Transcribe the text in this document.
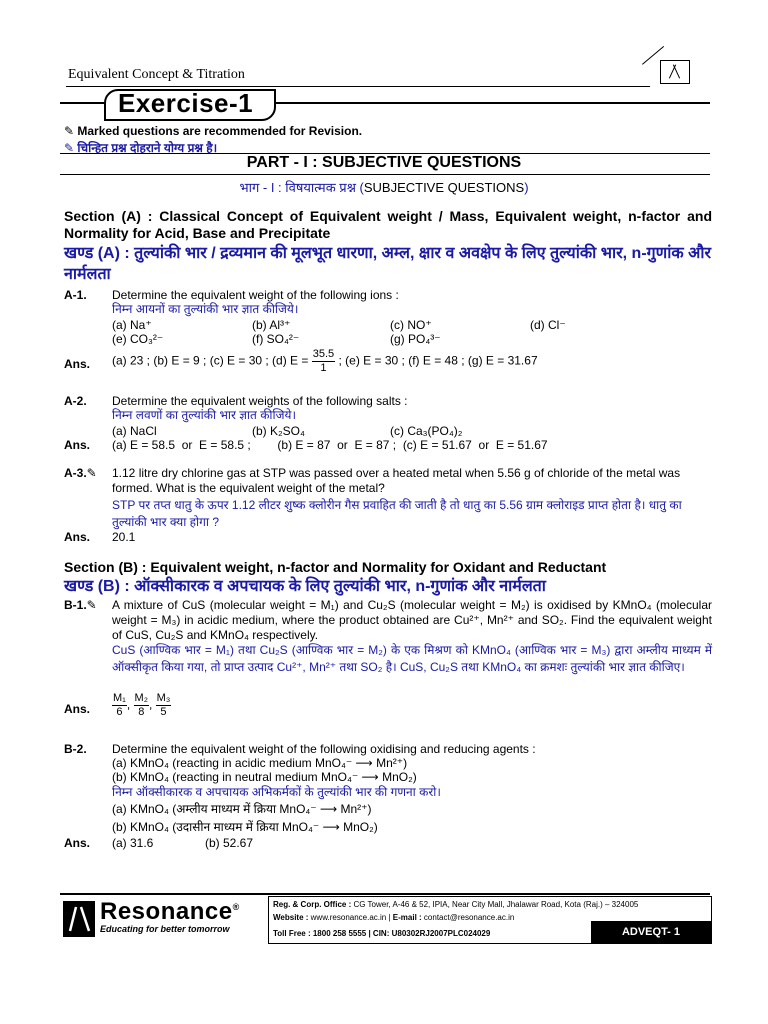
Equivalent Concept & Titration
Exercise-1
✎ Marked questions are recommended for Revision.
✎ चिन्हित प्रश्न दोहराने योग्य प्रश्न है।
PART - I : SUBJECTIVE QUESTIONS
भाग - I : विषयात्मक प्रश्न (SUBJECTIVE QUESTIONS)
Section (A) : Classical Concept of Equivalent weight / Mass, Equivalent weight, n-factor and Normality for Acid, Base and Precipitate
खण्ड (A) : तुल्यांकी भार / द्रव्यमान की मूलभूत धारणा, अम्ल, क्षार व अवक्षेप के लिए तुल्यांकी भार, n-गुणांक और नार्मलता
A-1. Determine the equivalent weight of the following ions :
निम्न आयनों का तुल्यांकी भार ज्ञात कीजिये।
(a) Na⁺	(b) Al³⁺	(c) NO⁺	(d) Cl⁻
(e) CO₃²⁻	(f) SO₄²⁻	(g) PO₄³⁻
Ans. (a) 23 ; (b) E = 9 ; (c) E = 30 ; (d) $E = \frac{35.5}{1}$ ; (e) E = 30 ; (f) E = 48 ; (g) E = 31.67
A-2. Determine the equivalent weights of the following salts :
निम्न लवणों का तुल्यांकी भार ज्ञात कीजिये।
(a) NaCl	(b) K₂SO₄	(c) Ca₃(PO₄)₂
Ans. (a) E = 58.5  or  E = 58.5 ;        (b) E = 87  or  E = 87 ;  (c) E = 51.67  or  E = 51.67
A-3.✎ 1.12 litre dry chlorine gas at STP was passed over a heated metal when 5.56 g of chloride of the metal was formed. What is the equivalent weight of the metal?
STP पर तप्त धातु के ऊपर 1.12 लीटर शुष्क क्लोरीन गैस प्रवाहित की जाती है तो धातु का 5.56 ग्राम क्लोराइड प्राप्त होता है। धातु का तुल्यांकी भार क्या होगा ?
Ans. 20.1
Section (B) : Equivalent weight, n-factor and Normality for Oxidant and Reductant
खण्ड (B) : ऑक्सीकारक व अपचायक के लिए तुल्यांकी भार, n-गुणांक और नार्मलता
B-1.✎ A mixture of CuS (molecular weight = M₁) and Cu₂S (molecular weight = M₂) is oxidised by KMnO₄ (molecular weight = M₃) in acidic medium, where the product obtained are Cu²⁺, Mn²⁺ and SO₂. Find the equivalent weight of CuS, Cu₂S and KMnO₄ respectively.
CuS (आण्विक भार = M₁) तथा Cu₂S (आण्विक भार = M₂) के एक मिश्रण को KMnO₄ (आण्विक भार = M₃) द्वारा अम्लीय माध्यम में ऑक्सीकृत किया गया, तो प्राप्त उत्पाद Cu²⁺, Mn²⁺ तथा SO₂ है। CuS, Cu₂S तथा KMnO₄ का क्रमशः तुल्यांकी भार ज्ञात कीजिए।
Ans. $\frac{\text{M₁}}{6}$ , $\frac{\text{M₂}}{8}$ , $\frac{\text{M₃}}{5}$
B-2. Determine the equivalent weight of the following oxidising and reducing agents :
(a) KMnO₄ (reacting in acidic medium MnO₄⁻ ⟶ Mn²⁺)
(b) KMnO₄ (reacting in neutral medium MnO₄⁻ ⟶ MnO₂)
निम्न ऑक्सीकारक व अपचायक अभिकर्मकों के तुल्यांकी भार की गणना करो।
(a) KMnO₄ (अम्लीय माध्यम में क्रिया MnO₄⁻ ⟶ Mn²⁺)
(b) KMnO₄ (उदासीन माध्यम में क्रिया MnO₄⁻ ⟶ MnO₂)
Ans. (a) 31.6	(b) 52.67
Resonance®
Educating for better tomorrow
Reg. & Corp. Office : CG Tower, A-46 & 52, IPIA, Near City Mall, Jhalawar Road, Kota (Raj.) – 324005
Website : www.resonance.ac.in | E-mail : contact@resonance.ac.in
Toll Free : 1800 258 5555 | CIN: U80302RJ2007PLC024029	ADVEQT- 1
